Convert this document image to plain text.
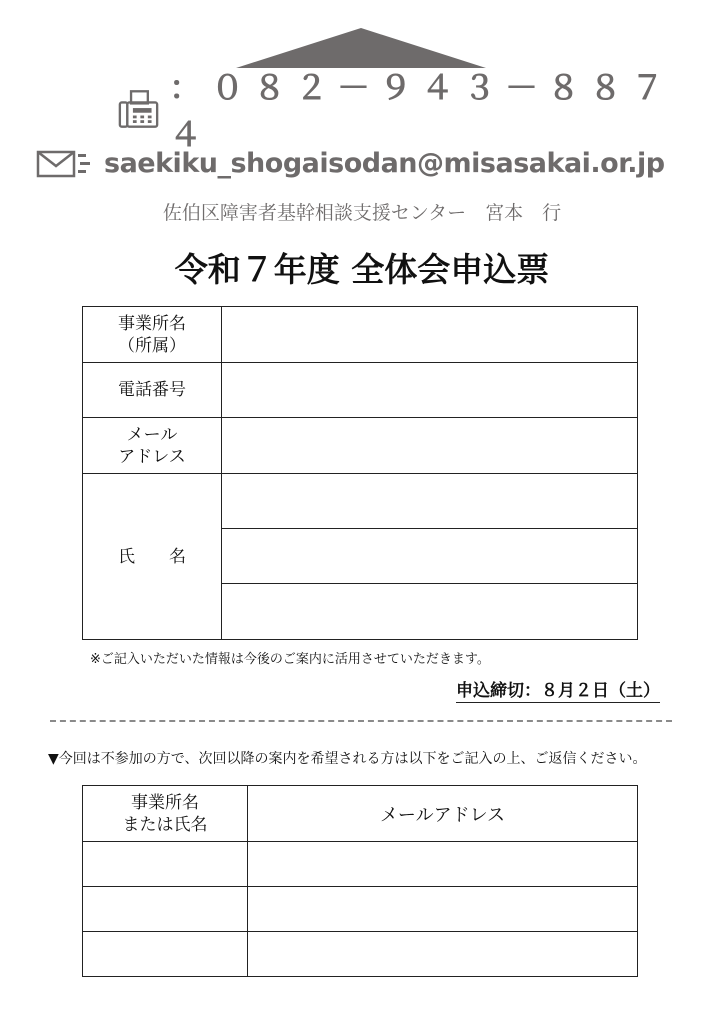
：０８２－９４３－８８７４
saekiku_shogaisodan@misasakai.or.jp
佐伯区障害者基幹相談支援センター　宮本　行
令和７年度 全体会申込票
事業所名
（所属）	
電話番号	
メール
アドレス	
氏　　名	

※ご記入いただいた情報は今後のご案内に活用させていただきます。
申込締切：８月２日（土）
▼今回は不参加の方で、次回以降の案内を希望される方は以下をご記入の上、ご返信ください。
事業所名
または氏名	メールアドレス
